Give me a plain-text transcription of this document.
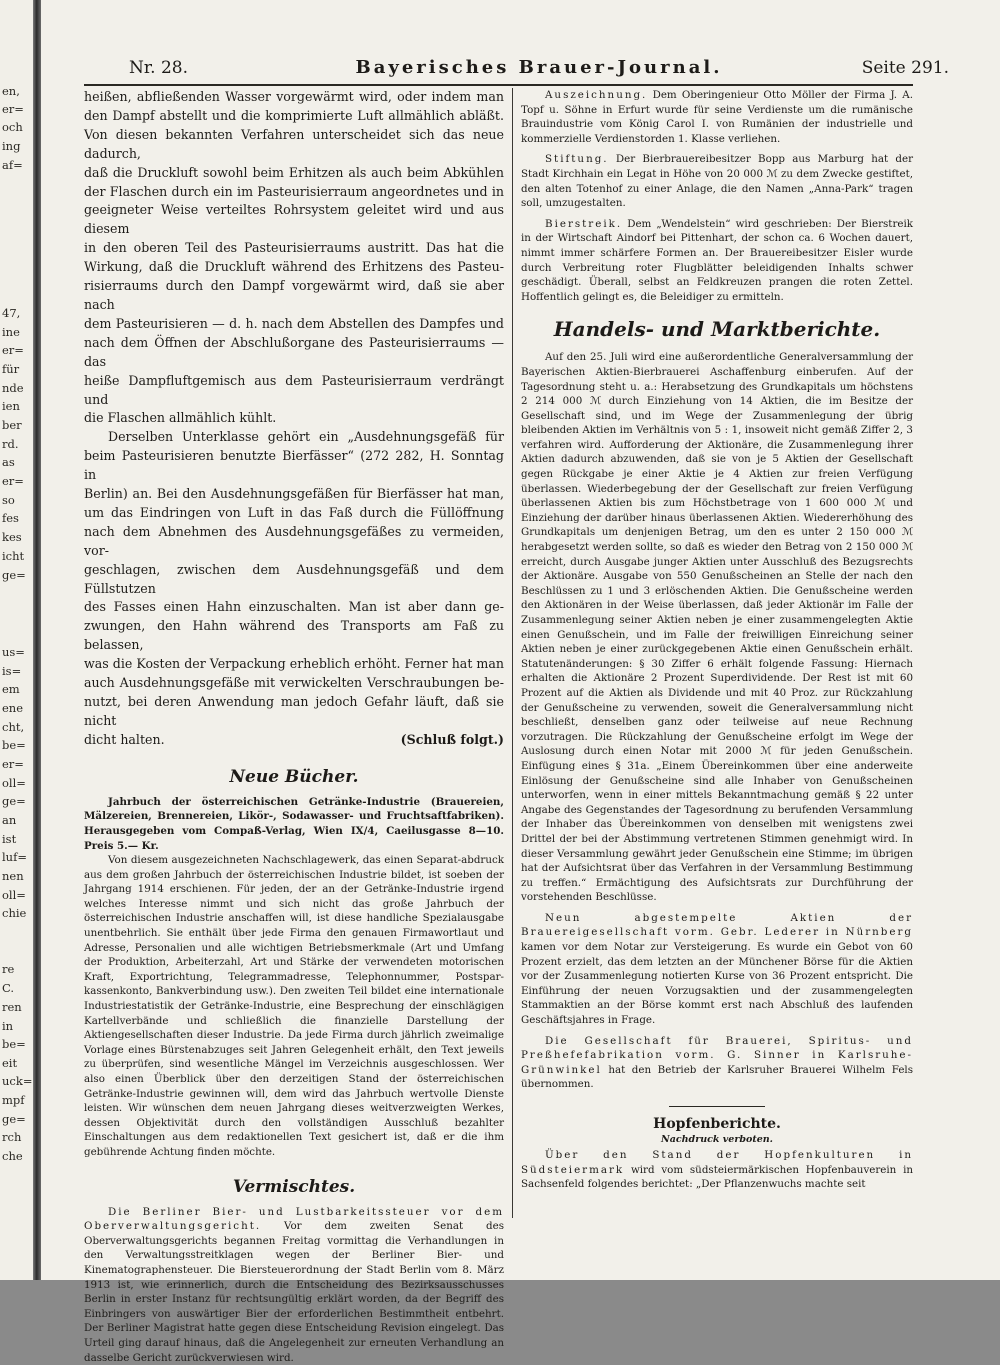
en,
er=
och
ing
af=
47,
ine
er=
für
nde
ien
ber
rd.
as
er=
so
fes
kes
icht
ge=
us=
is=
em
ene
cht,
be=
er=
oll=
ge=
an
ist
luf=
nen
oll=
chie
re
C.
ren
in
be=
eit
uck=
mpf
ge=
rch
che
Nr. 28.	Bayerisches Brauer-Journal.	Seite 291.

heißen, abfließenden Wasser vorgewärmt wird, oder indem man

den Dampf abstellt und die komprimierte Luft allmählich abläßt.

Von diesen bekannten Verfahren unterscheidet sich das neue dadurch,

daß die Druckluft sowohl beim Erhitzen als auch beim Abkühlen

der Flaschen durch ein im Pasteurisierraum angeordnetes und in

geeigneter Weise verteiltes Rohrsystem geleitet wird und aus diesem

in den oberen Teil des Pasteurisierraums austritt. Das hat die

Wirkung, daß die Druckluft während des Erhitzens des Pasteu-

risierraums durch den Dampf vorgewärmt wird, daß sie aber nach

dem Pasteurisieren — d. h. nach dem Abstellen des Dampfes und

nach dem Öffnen der Abschlußorgane des Pasteurisierraums — das

heiße Dampfluftgemisch aus dem Pasteurisierraum verdrängt und

die Flaschen allmählich kühlt.

Derselben Unterklasse gehört ein „Ausdehnungsgefäß für

beim Pasteurisieren benutzte Bierfässer“ (272 282, H. Sonntag in

Berlin) an. Bei den Ausdehnungsgefäßen für Bierfässer hat man,

um das Eindringen von Luft in das Faß durch die Füllöffnung

nach dem Abnehmen des Ausdehnungsgefäßes zu vermeiden, vor-

geschlagen, zwischen dem Ausdehnungsgefäß und dem Füllstutzen

des Fasses einen Hahn einzuschalten. Man ist aber dann ge-

zwungen, den Hahn während des Transports am Faß zu belassen,

was die Kosten der Verpackung erheblich erhöht. Ferner hat man

auch Ausdehnungsgefäße mit verwickelten Verschraubungen be-

nutzt, bei deren Anwendung man jedoch Gefahr läuft, daß sie nicht

dicht halten.	(Schluß folgt.)

Neue Bücher.

Jahrbuch der österreichischen Getränke-Industrie (Brauereien, Mälzereien, Brennereien, Likör-, Sodawasser- und Fruchtsaftfabriken). Herausgegeben vom Compaß-Verlag, Wien IX/4, Caeilusgasse 8—10. Preis 5.— Kr.

Von diesem ausgezeichneten Nachschlagewerk, das einen Separat-abdruck aus dem großen Jahrbuch der österreichischen Industrie bildet, ist soeben der Jahrgang 1914 erschienen. Für jeden, der an der Getränke-Industrie irgend welches Interesse nimmt und sich nicht das große Jahrbuch der österreichischen Industrie anschaffen will, ist diese handliche Spezialausgabe unentbehrlich. Sie enthält über jede Firma den genauen Firmawortlaut und Adresse, Personalien und alle wichtigen Betriebsmerkmale (Art und Umfang der Produktion, Arbeiterzahl, Art und Stärke der verwendeten motorischen Kraft, Exportrichtung, Telegrammadresse, Telephonnummer, Postspar-kassenkonto, Bankverbindung usw.). Den zweiten Teil bildet eine internationale Industriestatistik der Getränke-Industrie, eine Besprechung der einschlägigen Kartellverbände und schließlich die finanzielle Darstellung der Aktiengesellschaften dieser Industrie. Da jede Firma durch jährlich zweimalige Vorlage eines Bürstenabzuges seit Jahren Gelegenheit erhält, den Text jeweils zu überprüfen, sind wesentliche Mängel im Verzeichnis ausgeschlossen. Wer also einen Überblick über den derzeitigen Stand der österreichischen Getränke-Industrie gewinnen will, dem wird das Jahrbuch wertvolle Dienste leisten. Wir wünschen dem neuen Jahrgang dieses weitverzweigten Werkes, dessen Objektivität durch den vollständigen Ausschluß bezahlter Einschaltungen aus dem redaktionellen Text gesichert ist, daß er die ihm gebührende Achtung finden möchte.

Vermischtes.

Die Berliner Bier- und Lustbarkeitssteuer vor dem Oberverwaltungsgericht. Vor dem zweiten Senat des Oberverwaltungsgerichts begannen Freitag vormittag die Verhandlungen in den Verwaltungsstreitklagen wegen der Berliner Bier- und Kinematographensteuer. Die Biersteuerordnung der Stadt Berlin vom 8. März 1913 ist, wie erinnerlich, durch die Entscheidung des Bezirksausschusses Berlin in erster Instanz für rechtsungültig erklärt worden, da der Begriff des Einbringers von auswärtiger Bier der erforderlichen Bestimmtheit entbehrt. Der Berliner Magistrat hatte gegen diese Entscheidung Revision eingelegt. Das Urteil ging darauf hinaus, daß die Angelegenheit zur erneuten Verhandlung an dasselbe Gericht zurückverwiesen wird.

Auszeichnung. Dem Oberingenieur Otto Möller der Firma J. A. Topf u. Söhne in Erfurt wurde für seine Verdienste um die rumänische Brauindustrie vom König Carol I. von Rumänien der industrielle und kommerzielle Verdienstorden 1. Klasse verliehen.

Stiftung. Der Bierbrauereibesitzer Bopp aus Marburg hat der Stadt Kirchhain ein Legat in Höhe von 20 000 ℳ zu dem Zwecke gestiftet, den alten Totenhof zu einer Anlage, die den Namen „Anna-Park“ tragen soll, umzugestalten.

Bierstreik. Dem „Wendelstein“ wird geschrieben: Der Bierstreik in der Wirtschaft Aindorf bei Pittenhart, der schon ca. 6 Wochen dauert, nimmt immer schärfere Formen an. Der Brauereibesitzer Eisler wurde durch Verbreitung roter Flugblätter beleidigenden Inhalts schwer geschädigt. Überall, selbst an Feldkreuzen prangen die roten Zettel. Hoffentlich gelingt es, die Beleidiger zu ermitteln.

Handels- und Marktberichte.

Auf den 25. Juli wird eine außerordentliche Generalversammlung der Bayerischen Aktien-Bierbrauerei Aschaffenburg einberufen. Auf der Tagesordnung steht u. a.: Herabsetzung des Grundkapitals um höchstens 2 214 000 ℳ durch Einziehung von 14 Aktien, die im Besitze der Gesellschaft sind, und im Wege der Zusammenlegung der übrig bleibenden Aktien im Verhältnis von 5 : 1, insoweit nicht gemäß Ziffer 2, 3 verfahren wird. Aufforderung der Aktionäre, die Zusammenlegung ihrer Aktien dadurch abzuwenden, daß sie von je 5 Aktien der Gesellschaft gegen Rückgabe je einer Aktie je 4 Aktien zur freien Verfügung überlassen. Wiederbegebung der der Gesellschaft zur freien Verfügung überlassenen Aktien bis zum Höchstbetrage von 1 600 000 ℳ und Einziehung der darüber hinaus überlassenen Aktien. Wiedererhöhung des Grundkapitals um denjenigen Betrag, um den es unter 2 150 000 ℳ herabgesetzt werden sollte, so daß es wieder den Betrag von 2 150 000 ℳ erreicht, durch Ausgabe junger Aktien unter Ausschluß des Bezugsrechts der Aktionäre. Ausgabe von 550 Genußscheinen an Stelle der nach den Beschlüssen zu 1 und 3 erlöschenden Aktien. Die Genußscheine werden den Aktionären in der Weise überlassen, daß jeder Aktionär im Falle der Zusammenlegung seiner Aktien neben je einer zusammengelegten Aktie einen Genußschein, und im Falle der freiwilligen Einreichung seiner Aktien neben je einer zurückgegebenen Aktie einen Genußschein erhält. Statutenänderungen: § 30 Ziffer 6 erhält folgende Fassung: Hiernach erhalten die Aktionäre 2 Prozent Superdividende. Der Rest ist mit 60 Prozent auf die Aktien als Dividende und mit 40 Proz. zur Rückzahlung der Genußscheine zu verwenden, soweit die Generalversammlung nicht beschließt, denselben ganz oder teilweise auf neue Rechnung vorzutragen. Die Rückzahlung der Genußscheine erfolgt im Wege der Auslosung durch einen Notar mit 2000 ℳ für jeden Genußschein. Einfügung eines § 31a. „Einem Übereinkommen über eine anderweite Einlösung der Genußscheine sind alle Inhaber von Genußscheinen unterworfen, wenn in einer mittels Bekanntmachung gemäß § 22 unter Angabe des Gegenstandes der Tagesordnung zu berufenden Versammlung der Inhaber das Übereinkommen von denselben mit wenigstens zwei Drittel der bei der Abstimmung vertretenen Stimmen genehmigt wird. In dieser Versammlung gewährt jeder Genußschein eine Stimme; im übrigen hat der Aufsichtsrat über das Verfahren in der Versammlung Bestimmung zu treffen.“ Ermächtigung des Aufsichtsrats zur Durchführung der vorstehenden Beschlüsse.

Neun abgestempelte Aktien der Brauereigesellschaft vorm. Gebr. Lederer in Nürnberg kamen vor dem Notar zur Versteigerung. Es wurde ein Gebot von 60 Prozent erzielt, das dem letzten an der Münchener Börse für die Aktien vor der Zusammenlegung notierten Kurse von 36 Prozent entspricht. Die Einführung der neuen Vorzugsaktien und der zusammengelegten Stammaktien an der Börse kommt erst nach Abschluß des laufenden Geschäftsjahres in Frage.

Die Gesellschaft für Brauerei, Spiritus- und Preßhefefabrikation vorm. G. Sinner in Karlsruhe-Grünwinkel hat den Betrieb der Karlsruher Brauerei Wilhelm Fels übernommen.

Hopfenberichte.
Nachdruck verboten.

Über den Stand der Hopfenkulturen in Südsteiermark wird vom südsteiermärkischen Hopfenbauverein in Sachsenfeld folgendes berichtet: „Der Pflanzenwuchs machte seit
